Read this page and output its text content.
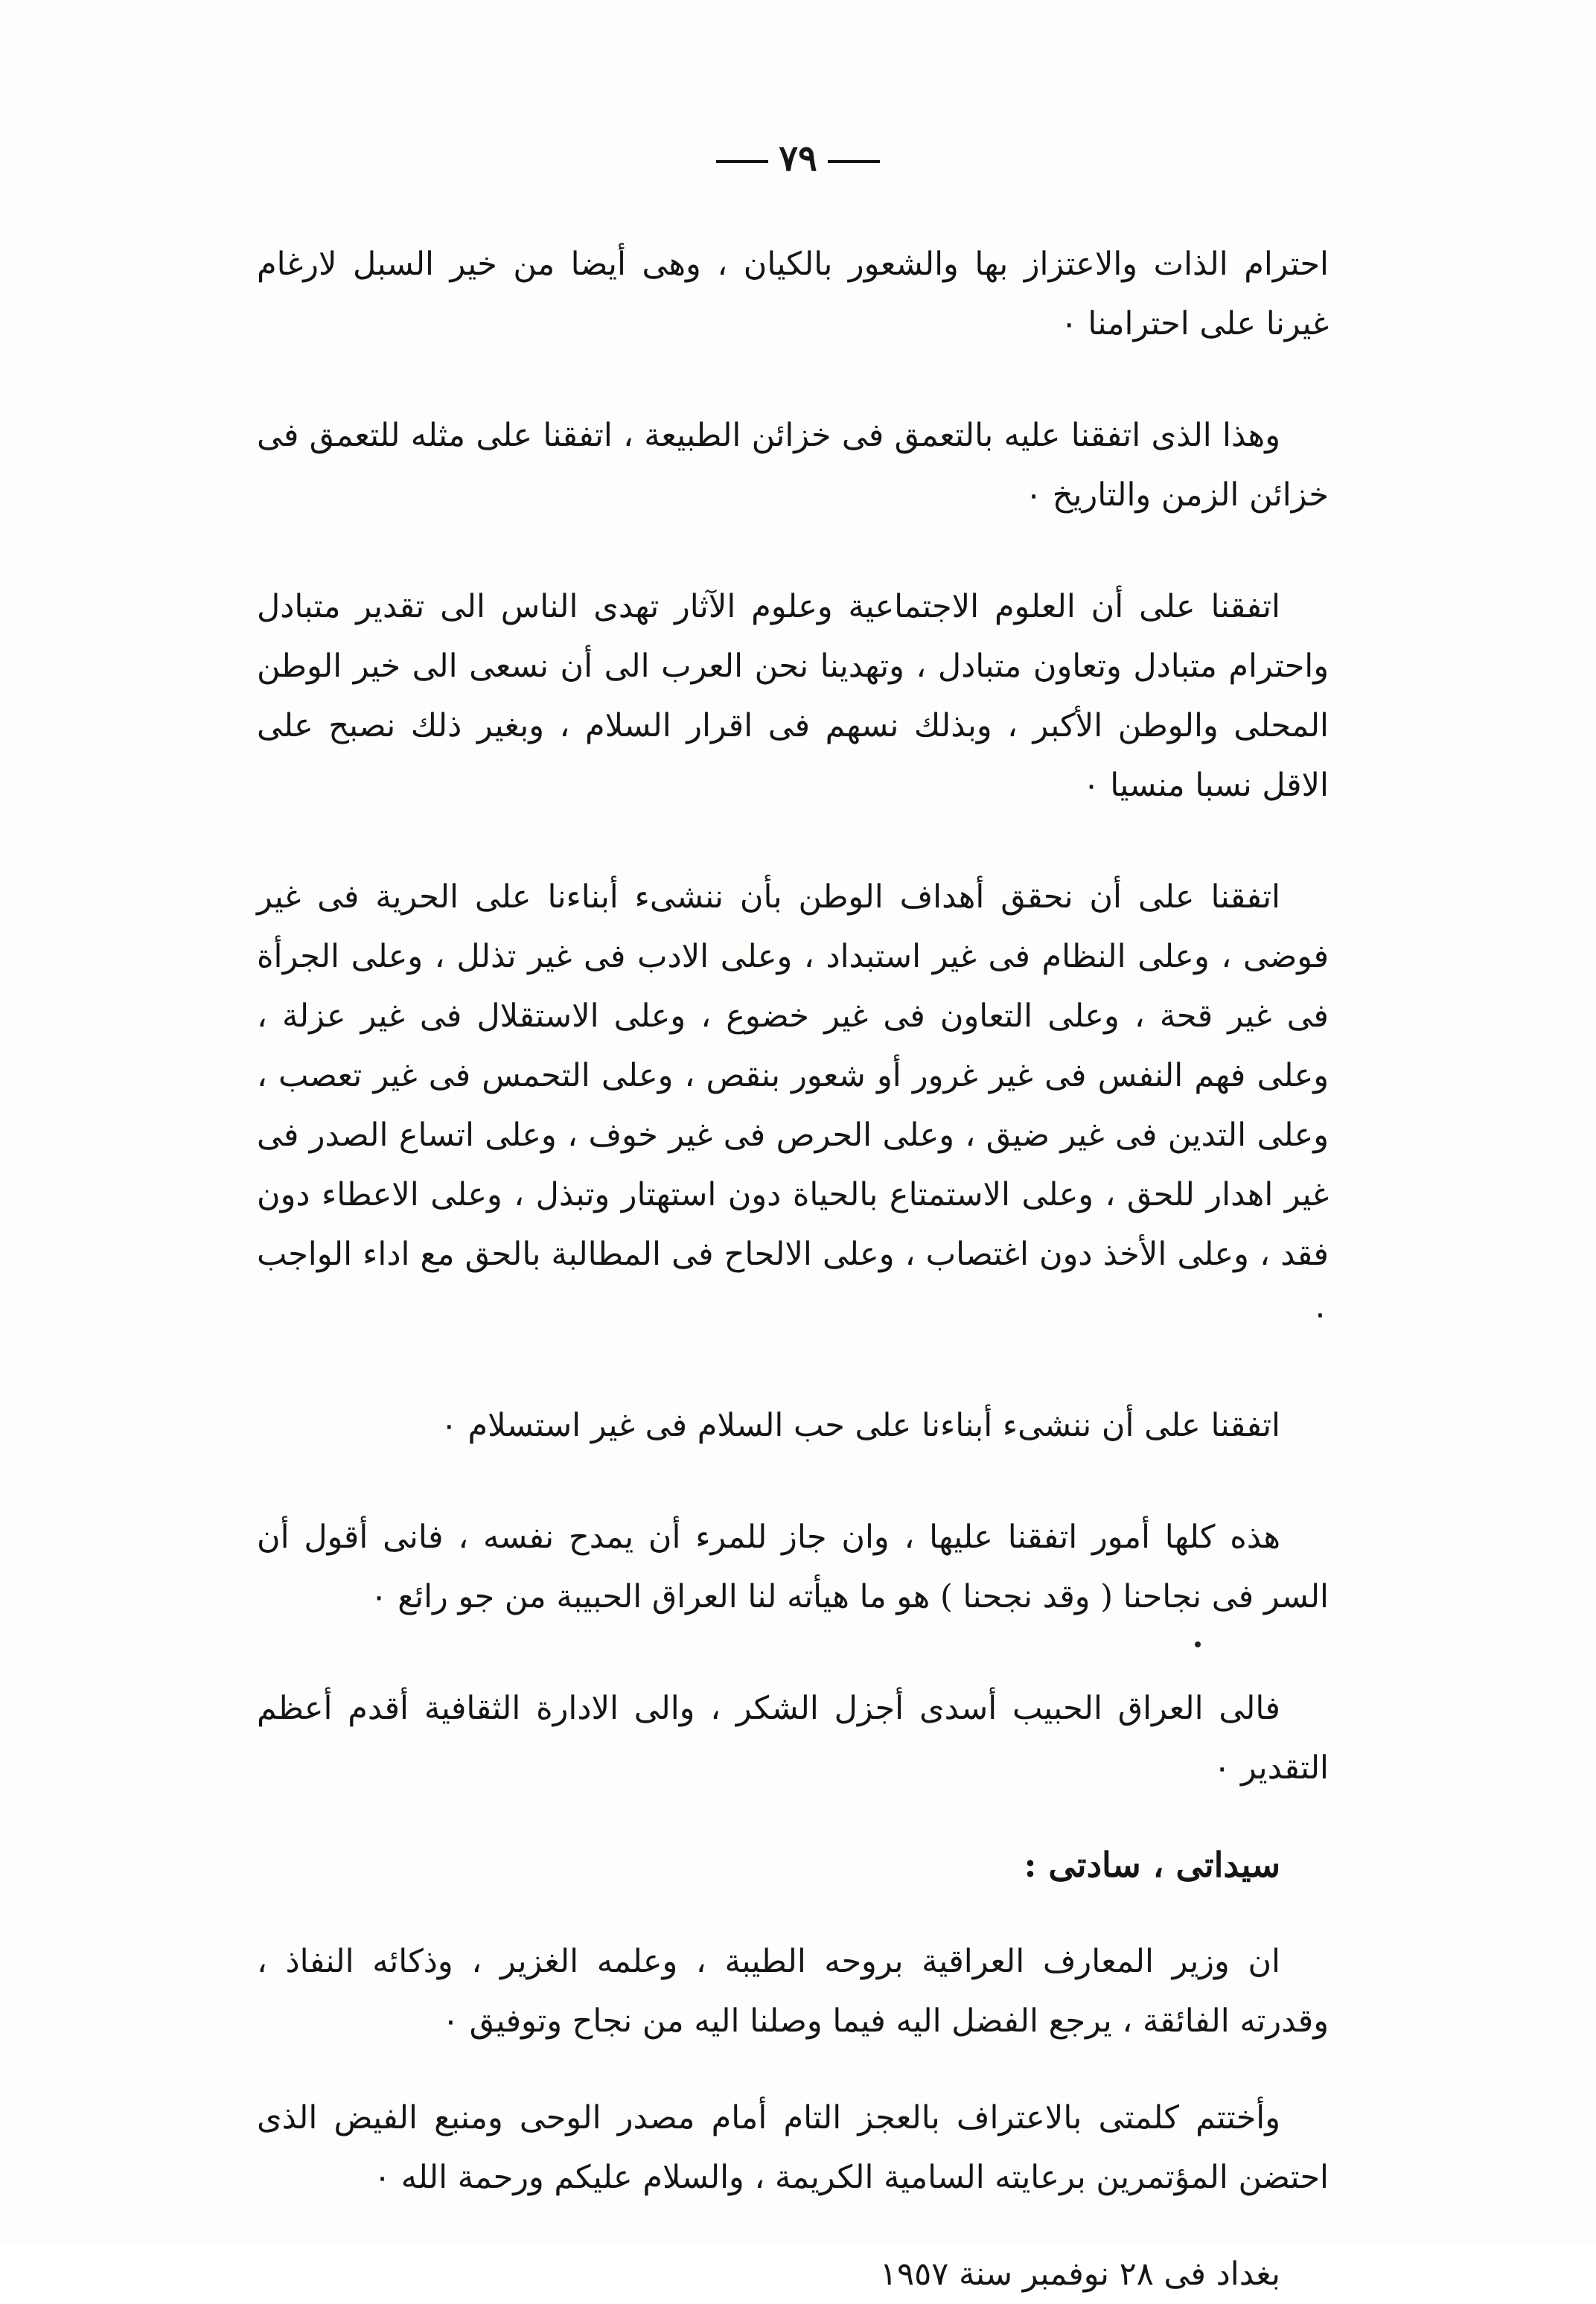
٧٩

احترام الذات والاعتزاز بها والشعور بالكيان ، وهى أيضا من خير السبل لارغام غيرنا على احترامنا ٠

وهذا الذى اتفقنا عليه بالتعمق فى خزائن الطبيعة ، اتفقنا على مثله للتعمق فى خزائن الزمن والتاريخ ٠

اتفقنا على أن العلوم الاجتماعية وعلوم الآثار تهدى الناس الى تقدير متبادل واحترام متبادل وتعاون متبادل ، وتهدينا نحن العرب الى أن نسعى الى خير الوطن المحلى والوطن الأكبر ، وبذلك نسهم فى اقرار السلام ، وبغير ذلك نصبح على الاقل نسبا منسيا ٠

اتفقنا على أن نحقق أهداف الوطن بأن ننشىء أبناءنا على الحرية فى غير فوضى ، وعلى النظام فى غير استبداد ، وعلى الادب فى غير تذلل ، وعلى الجرأة فى غير قحة ، وعلى التعاون فى غير خضوع ، وعلى الاستقلال فى غير عزلة ، وعلى فهم النفس فى غير غرور أو شعور بنقص ، وعلى التحمس فى غير تعصب ، وعلى التدين فى غير ضيق ، وعلى الحرص فى غير خوف ، وعلى اتساع الصدر فى غير اهدار للحق ، وعلى الاستمتاع بالحياة دون استهتار وتبذل ، وعلى الاعطاء دون فقد ، وعلى الأخذ دون اغتصاب ، وعلى الالحاح فى المطالبة بالحق مع اداء الواجب ٠

اتفقنا على أن ننشىء أبناءنا على حب السلام فى غير استسلام ٠

هذه كلها أمور اتفقنا عليها ، وان جاز للمرء أن يمدح نفسه ، فانى أقول أن السر فى نجاحنا ( وقد نجحنا ) هو ما هيأته لنا العراق الحبيبة من جو رائع ٠

فالى العراق الحبيب أسدى أجزل الشكر ، والى الادارة الثقافية أقدم أعظم التقدير ٠

سيداتى ، سادتى :

ان وزير المعارف العراقية بروحه الطيبة ، وعلمه الغزير ، وذكائه النفاذ ، وقدرته الفائقة ، يرجع الفضل اليه فيما وصلنا اليه من نجاح وتوفيق ٠

وأختتم كلمتى بالاعتراف بالعجز التام أمام مصدر الوحى ومنبع الفيض الذى احتضن المؤتمرين برعايته السامية الكريمة ، والسلام عليكم ورحمة الله ٠

بغداد فى ٢٨ نوفمبر سنة ١٩٥٧
